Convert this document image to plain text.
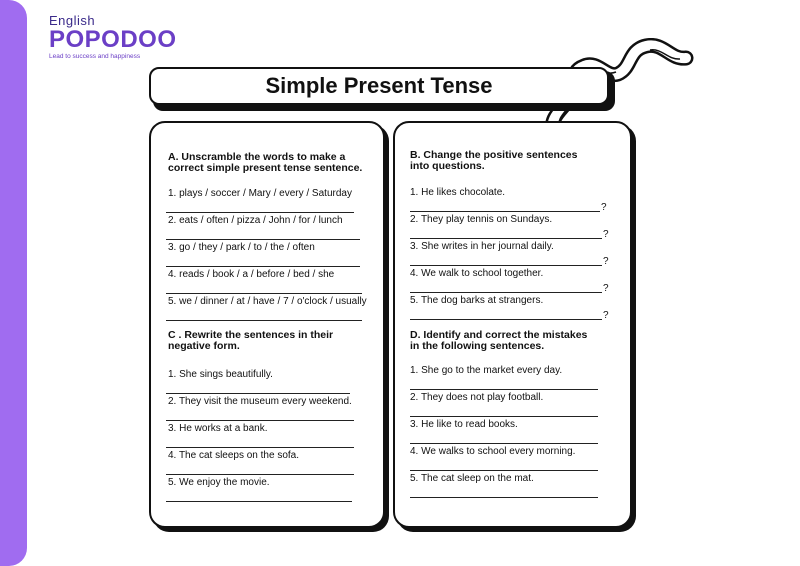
English
POPODOO
Lead to success and happiness
Simple Present Tense
A. Unscramble the words to make a
correct simple present tense sentence.
1. plays / soccer / Mary / every / Saturday
2. eats / often / pizza / John / for / lunch
3. go / they / park / to / the / often
4. reads / book / a / before / bed / she
5. we / dinner / at / have / 7 / o'clock / usually
C . Rewrite the sentences in their
negative form.
1. She sings beautifully.
2. They visit the museum every weekend.
3. He works at a bank.
4. The cat sleeps on the sofa.
5. We enjoy the movie.
B. Change the positive sentences
into questions.
1. He likes chocolate.
?
2. They play tennis on Sundays.
?
3. She writes in her journal daily.
?
4. We walk to school together.
?
5. The dog barks at strangers.
?
D. Identify and correct the mistakes
in the following sentences.
1. She go to the market every day.
2. They does not play football.
3. He like to read books.
4. We walks to school every morning.
5. The cat sleep on the mat.
